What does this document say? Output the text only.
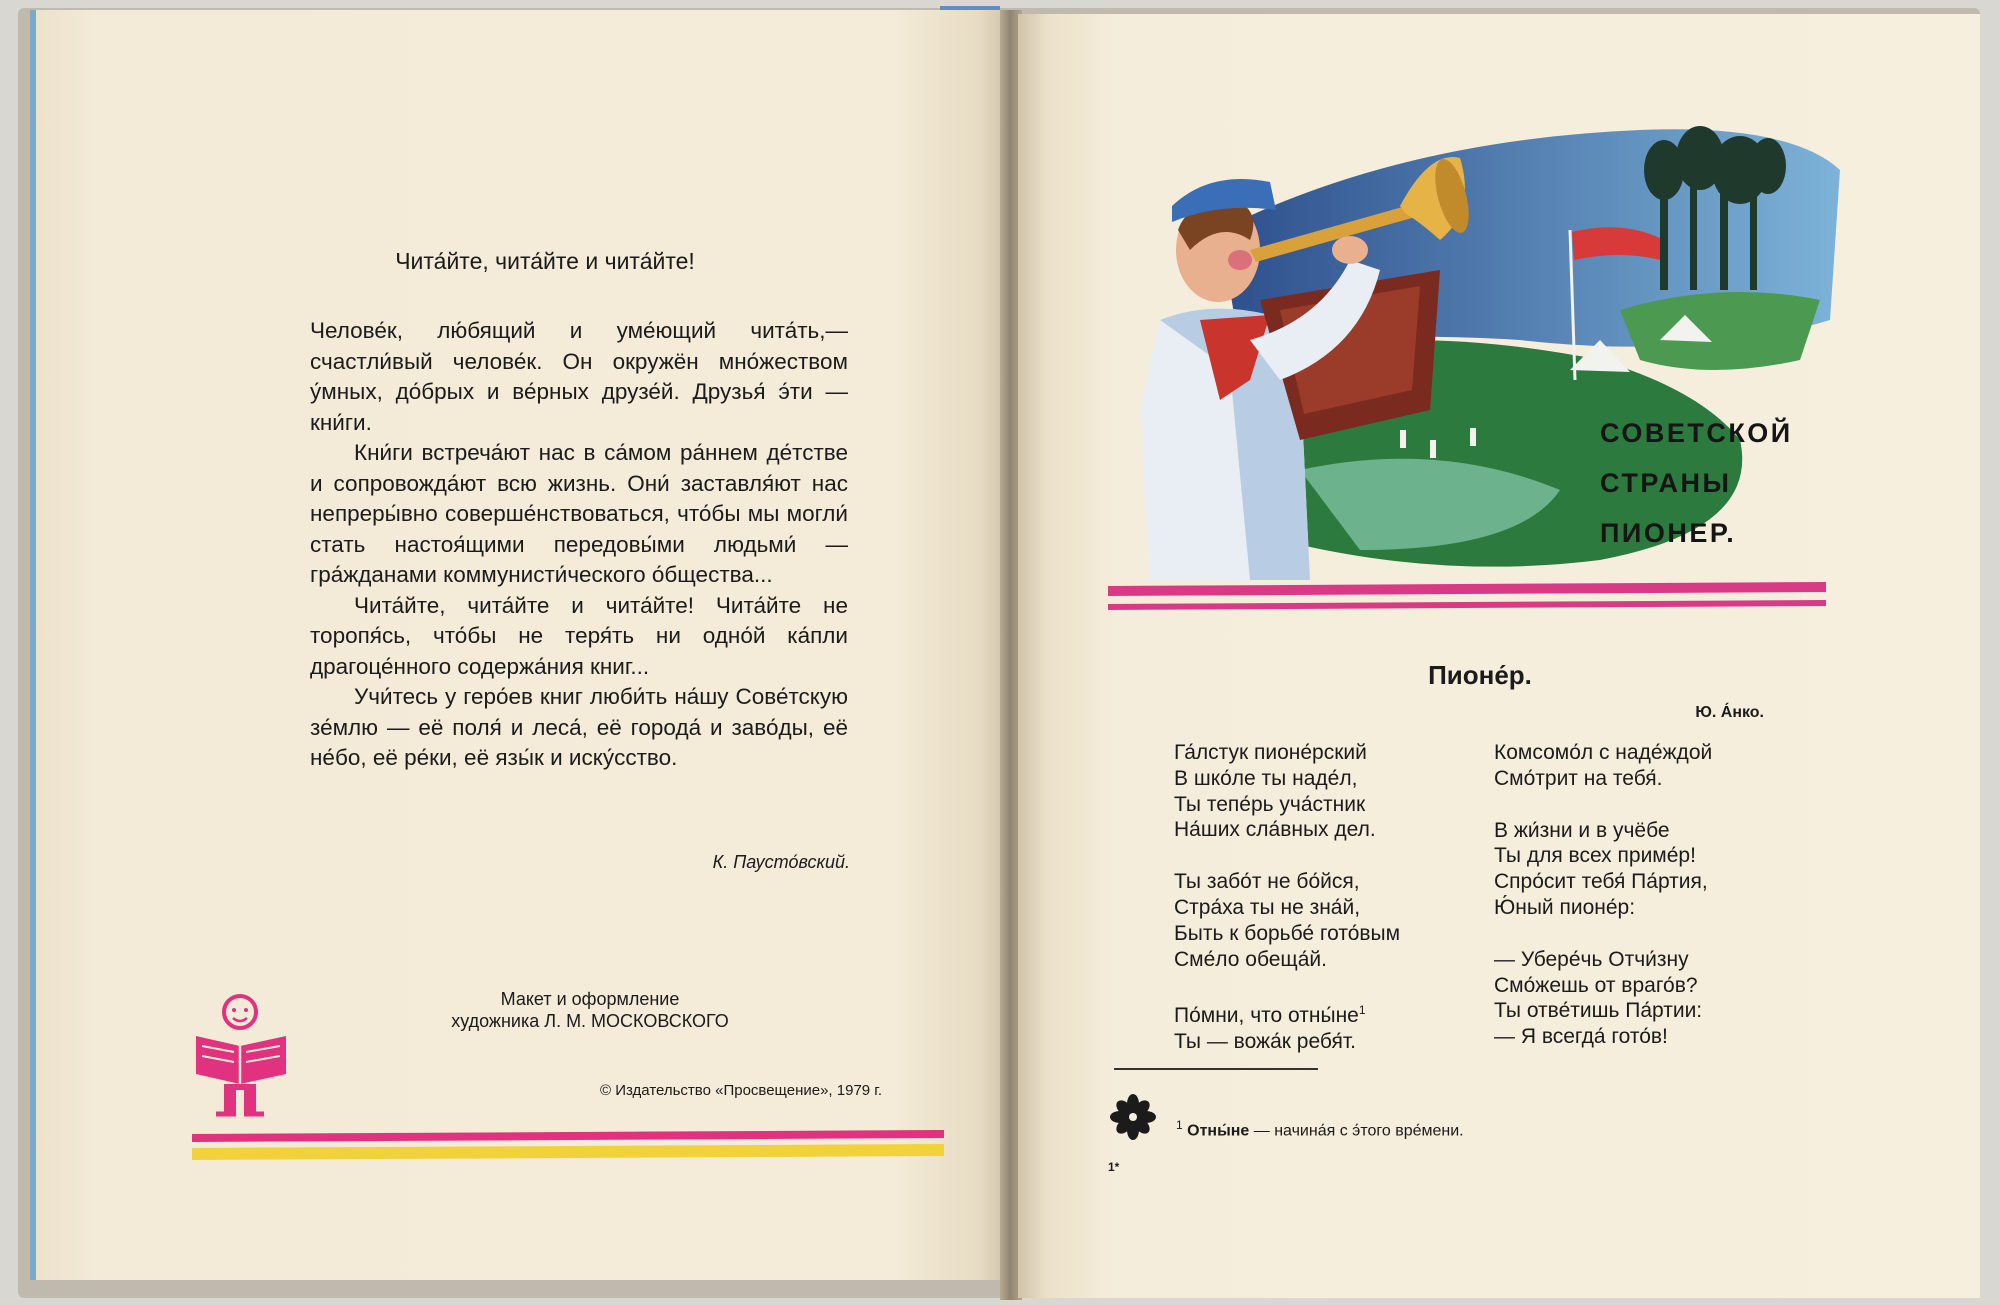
Чита́йте, чита́йте и чита́йте!

Челове́к, лю́бящий и уме́ющий чита́ть,— счастли́вый челове́к. Он окружён мно́жеством у́мных, до́брых и ве́рных друзе́й. Друзья́ э́ти — кни́ги.

Кни́ги встреча́ют нас в са́мом ра́ннем де́тстве и сопровожда́ют всю жизнь. Они́ заставля́ют нас непреры́вно соверше́нствоваться, что́бы мы могли́ стать настоя́щими передовы́ми людьми́ — гра́жданами коммунисти́ческого о́бщества...

Чита́йте, чита́йте и чита́йте! Чита́йте не торопя́сь, что́бы не теря́ть ни одно́й ка́пли драгоце́нного содержа́ния книг...

Учи́тесь у геро́ев книг люби́ть на́шу Сове́тскую зе́млю — её поля́ и леса́, её города́ и заво́ды, её не́бо, её ре́ки, её язы́к и иску́сство.

К. Паусто́вский.
Макет и оформление
художника Л. М. МОСКОВСКОГО
© Издательство «Просвещение», 1979 г.
СОВЕТСКОЙ
СТРАНЫ
ПИОНЕР.
Пионе́р.
Ю. А́нко.
Га́лстук пионе́рский
В шко́ле ты наде́л,
Ты тепе́рь уча́стник
На́ших сла́вных дел.
Ты забо́т не бо́йся,
Стра́ха ты не зна́й,
Быть к борьбе́ гото́вым
Сме́ло обеща́й.
По́мни, что $отны́не^1$
Ты — вожа́к ребя́т.
Комсомо́л с наде́ждой
Смо́трит на тебя́.
В жи́зни и в учёбе
Ты для всех приме́р!
Спро́сит тебя́ Па́ртия,
Ю́ный пионе́р:
— Убере́чь Отчи́зну
Смо́жешь от враго́в?
Ты отве́тишь Па́ртии:
— Я всегда́ гото́в!
$^1$ Отны́не — начина́я с э́того вре́мени.
1*
